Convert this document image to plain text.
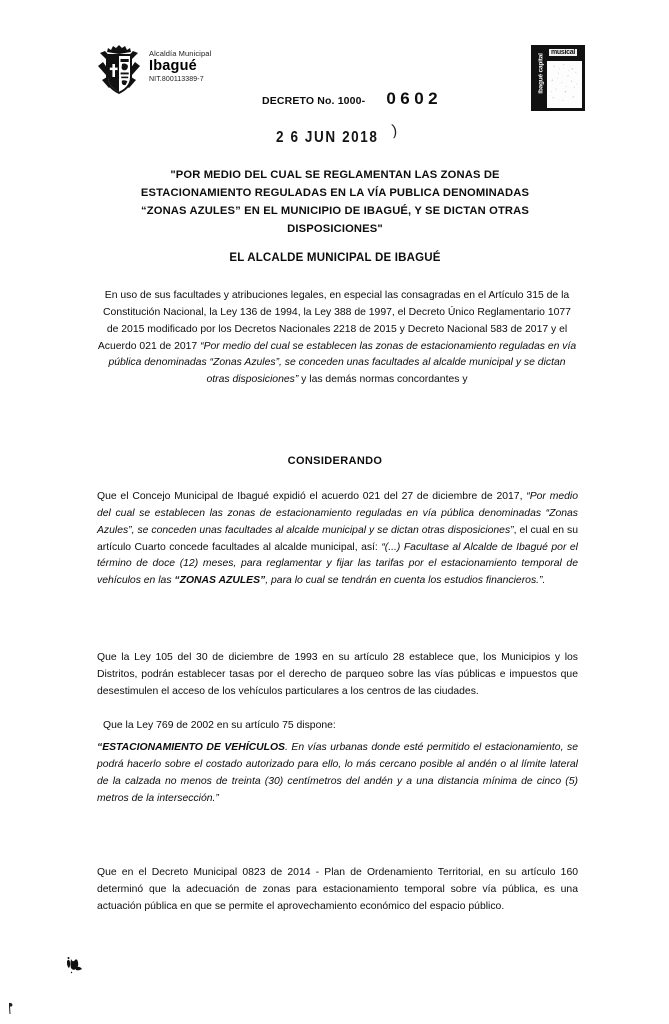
Alcaldía Municipal
Ibagué
NIT.800113389-7
DECRETO No. 1000- 0602
2 6 JUN 2018 )
ibagué capital
musical
"POR MEDIO DEL CUAL SE REGLAMENTAN LAS ZONAS DE ESTACIONAMIENTO REGULADAS EN LA VÍA PUBLICA DENOMINADAS “ZONAS AZULES” EN EL MUNICIPIO DE IBAGUÉ, Y SE DICTAN OTRAS DISPOSICIONES"
EL ALCALDE MUNICIPAL DE IBAGUÉ
En uso de sus facultades y atribuciones legales, en especial las consagradas en el Artículo 315 de la Constitución Nacional, la Ley 136 de 1994, la Ley 388 de 1997, el Decreto Único Reglamentario 1077 de 2015 modificado por los Decretos Nacionales 2218 de 2015 y Decreto Nacional 583 de 2017 y el Acuerdo 021 de 2017 “Por medio del cual se establecen las zonas de estacionamiento reguladas en vía pública denominadas “Zonas Azules”, se conceden unas facultades al alcalde municipal y se dictan otras disposiciones” y las demás normas concordantes y
CONSIDERANDO
Que el Concejo Municipal de Ibagué expidió el acuerdo 021 del 27 de diciembre de 2017, “Por medio del cual se establecen las zonas de estacionamiento reguladas en vía pública denominadas “Zonas Azules”, se conceden unas facultades al alcalde municipal y se dictan otras disposiciones”, el cual en su artículo Cuarto concede facultades al alcalde municipal, así: “(...) Facultase al Alcalde de Ibagué por el término de doce (12) meses, para reglamentar y fijar las tarifas por el estacionamiento temporal de vehículos en las “ZONAS AZULES”, para lo cual se tendrán en cuenta los estudios financieros.”.
Que la Ley 105 del 30 de diciembre de 1993 en su artículo 28 establece que, los Municipios y los Distritos, podrán establecer tasas por el derecho de parqueo sobre las vías públicas e impuestos que desestimulen el acceso de los vehículos particulares a los centros de las ciudades.
Que la Ley 769 de 2002 en su artículo 75 dispone:
“ESTACIONAMIENTO DE VEHÍCULOS. En vías urbanas donde esté permitido el estacionamiento, se podrá hacerlo sobre el costado autorizado para ello, lo más cercano posible al andén o al límite lateral de la calzada no menos de treinta (30) centímetros del andén y a una distancia mínima de cinco (5) metros de la intersección.”
Que en el Decreto Municipal 0823 de 2014 - Plan de Ordenamiento Territorial, en su artículo 160 determinó que la adecuación de zonas para estacionamiento temporal sobre vía pública, es una actuación pública en que se permite el aprovechamiento económico del espacio público.
